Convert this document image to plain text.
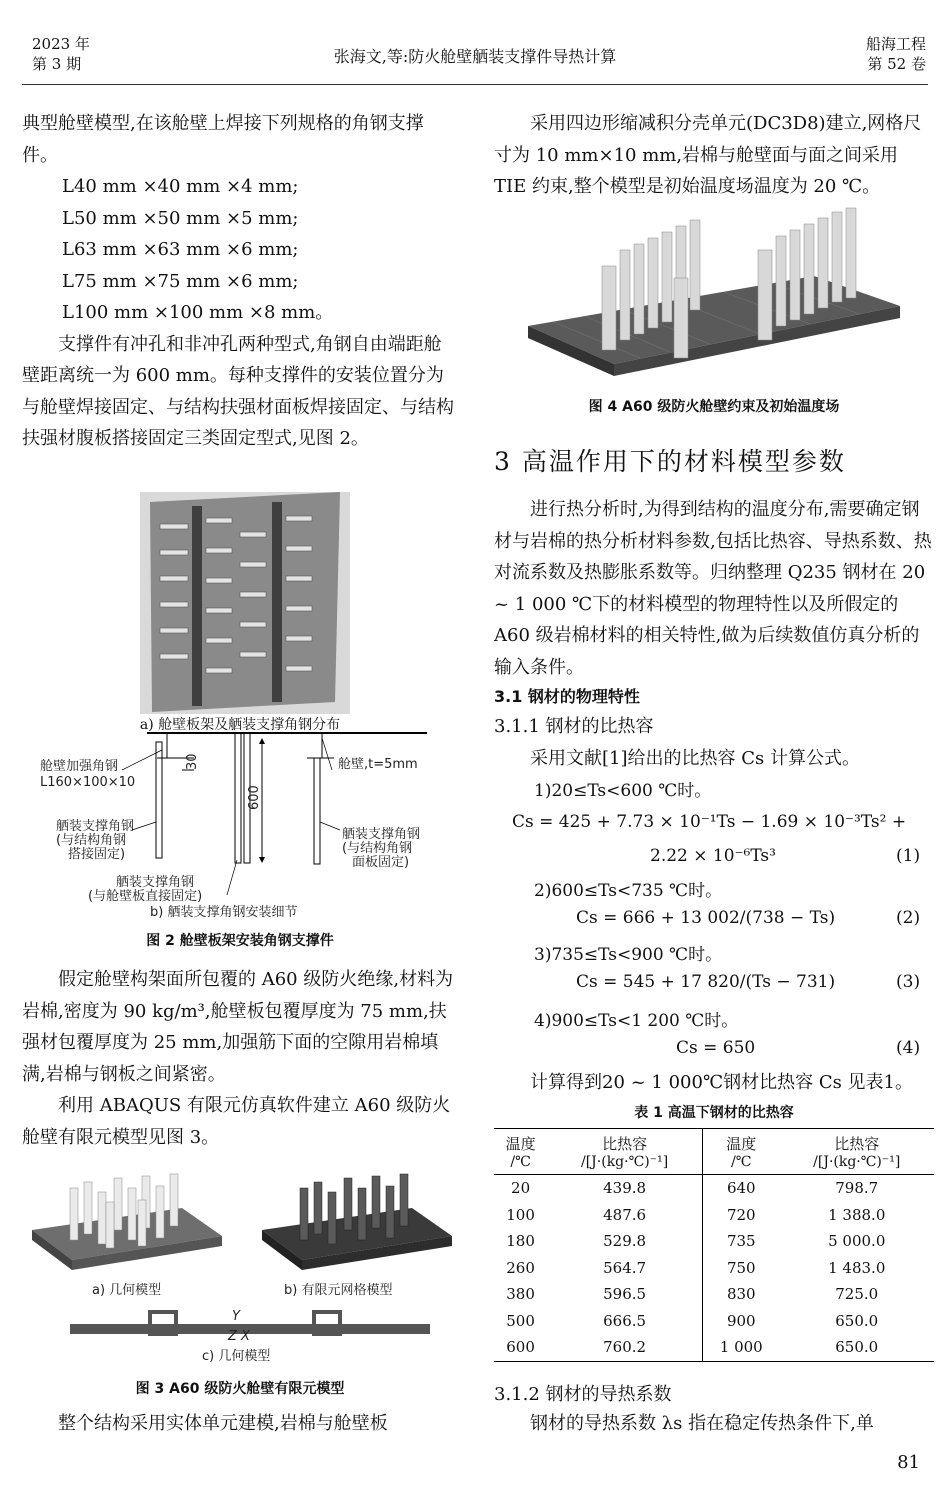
2023 年
第 3 期	张海文,等:防火舱壁舾装支撑件导热计算
船海工程
第 52 卷

典型舱壁模型,在该舱壁上焊接下列规格的角钢支撑件。

L40 mm ×40 mm ×4 mm;

L50 mm ×50 mm ×5 mm;

L63 mm ×63 mm ×6 mm;

L75 mm ×75 mm ×6 mm;

L100 mm ×100 mm ×8 mm。

支撑件有冲孔和非冲孔两种型式,角钢自由端距舱壁距离统一为 600 mm。每种支撑件的安装位置分为与舱壁焊接固定、与结构扶强材面板焊接固定、与结构扶强材腹板搭接固定三类固定型式,见图 2。

a) 舱壁板架及舾装支撑角钢分布
舱壁加强角钢
L160×100×10
30
600
舱壁,t=5mm
舾装支撑角钢
(与结构角钢
搭接固定)
舾装支撑角钢
(与结构角钢
面板固定)
舾装支撑角钢
(与舱壁板直接固定)
b) 舾装支撑角钢安装细节
图 2 舱壁板架安装角钢支撑件

假定舱壁构架面所包覆的 A60 级防火绝缘,材料为岩棉,密度为 90 kg/m³,舱壁板包覆厚度为 75 mm,扶强材包覆厚度为 25 mm,加强筋下面的空隙用岩棉填满,岩棉与钢板之间紧密。

利用 ABAQUS 有限元仿真软件建立 A60 级防火舱壁有限元模型见图 3。

a) 几何模型	b) 有限元网格模型
Y
Z X
c) 几何模型
图 3 A60 级防火舱壁有限元模型
整个结构采用实体单元建模,岩棉与舱壁板
采用四边形缩减积分壳单元(DC3D8)建立,网格尺寸为 10 mm×10 mm,岩棉与舱壁面与面之间采用 TIE 约束,整个模型是初始温度场温度为 20 ℃。
图 4 A60 级防火舱壁约束及初始温度场
3 高温作用下的材料模型参数
进行热分析时,为得到结构的温度分布,需要确定钢材与岩棉的热分析材料参数,包括比热容、导热系数、热对流系数及热膨胀系数等。归纳整理 Q235 钢材在 20 ~ 1 000 ℃下的材料模型的物理特性以及所假定的 A60 级岩棉材料的相关特性,做为后续数值仿真分析的输入条件。
3.1 钢材的物理特性
3.1.1 钢材的比热容
采用文献[1]给出的比热容 Cs 计算公式。
1)20≤Ts<600 ℃时。
Cs = 425 + 7.73 × 10⁻¹Ts − 1.69 × 10⁻³Ts² +
2.22 × 10⁻⁶Ts³	(1)
2)600≤Ts<735 ℃时。
Cs = 666 + 13 002/(738 − Ts)	(2)
3)735≤Ts<900 ℃时。
Cs = 545 + 17 820/(Ts − 731)	(3)
4)900≤Ts<1 200 ℃时。
Cs = 650	(4)
计算得到20 ~ 1 000℃钢材比热容 Cs 见表1。
表 1 高温下钢材的比热容
温度	比热容	温度	比热容
/℃	/[J·(kg·℃)⁻¹]	/℃	/[J·(kg·℃)⁻¹]
20	439.8	640	798.7
100	487.6	720	1 388.0
180	529.8	735	5 000.0
260	564.7	750	1 483.0
380	596.5	830	725.0
500	666.5	900	650.0
600	760.2	1 000	650.0
3.1.2 钢材的导热系数
钢材的导热系数 λs 指在稳定传热条件下,单
81
